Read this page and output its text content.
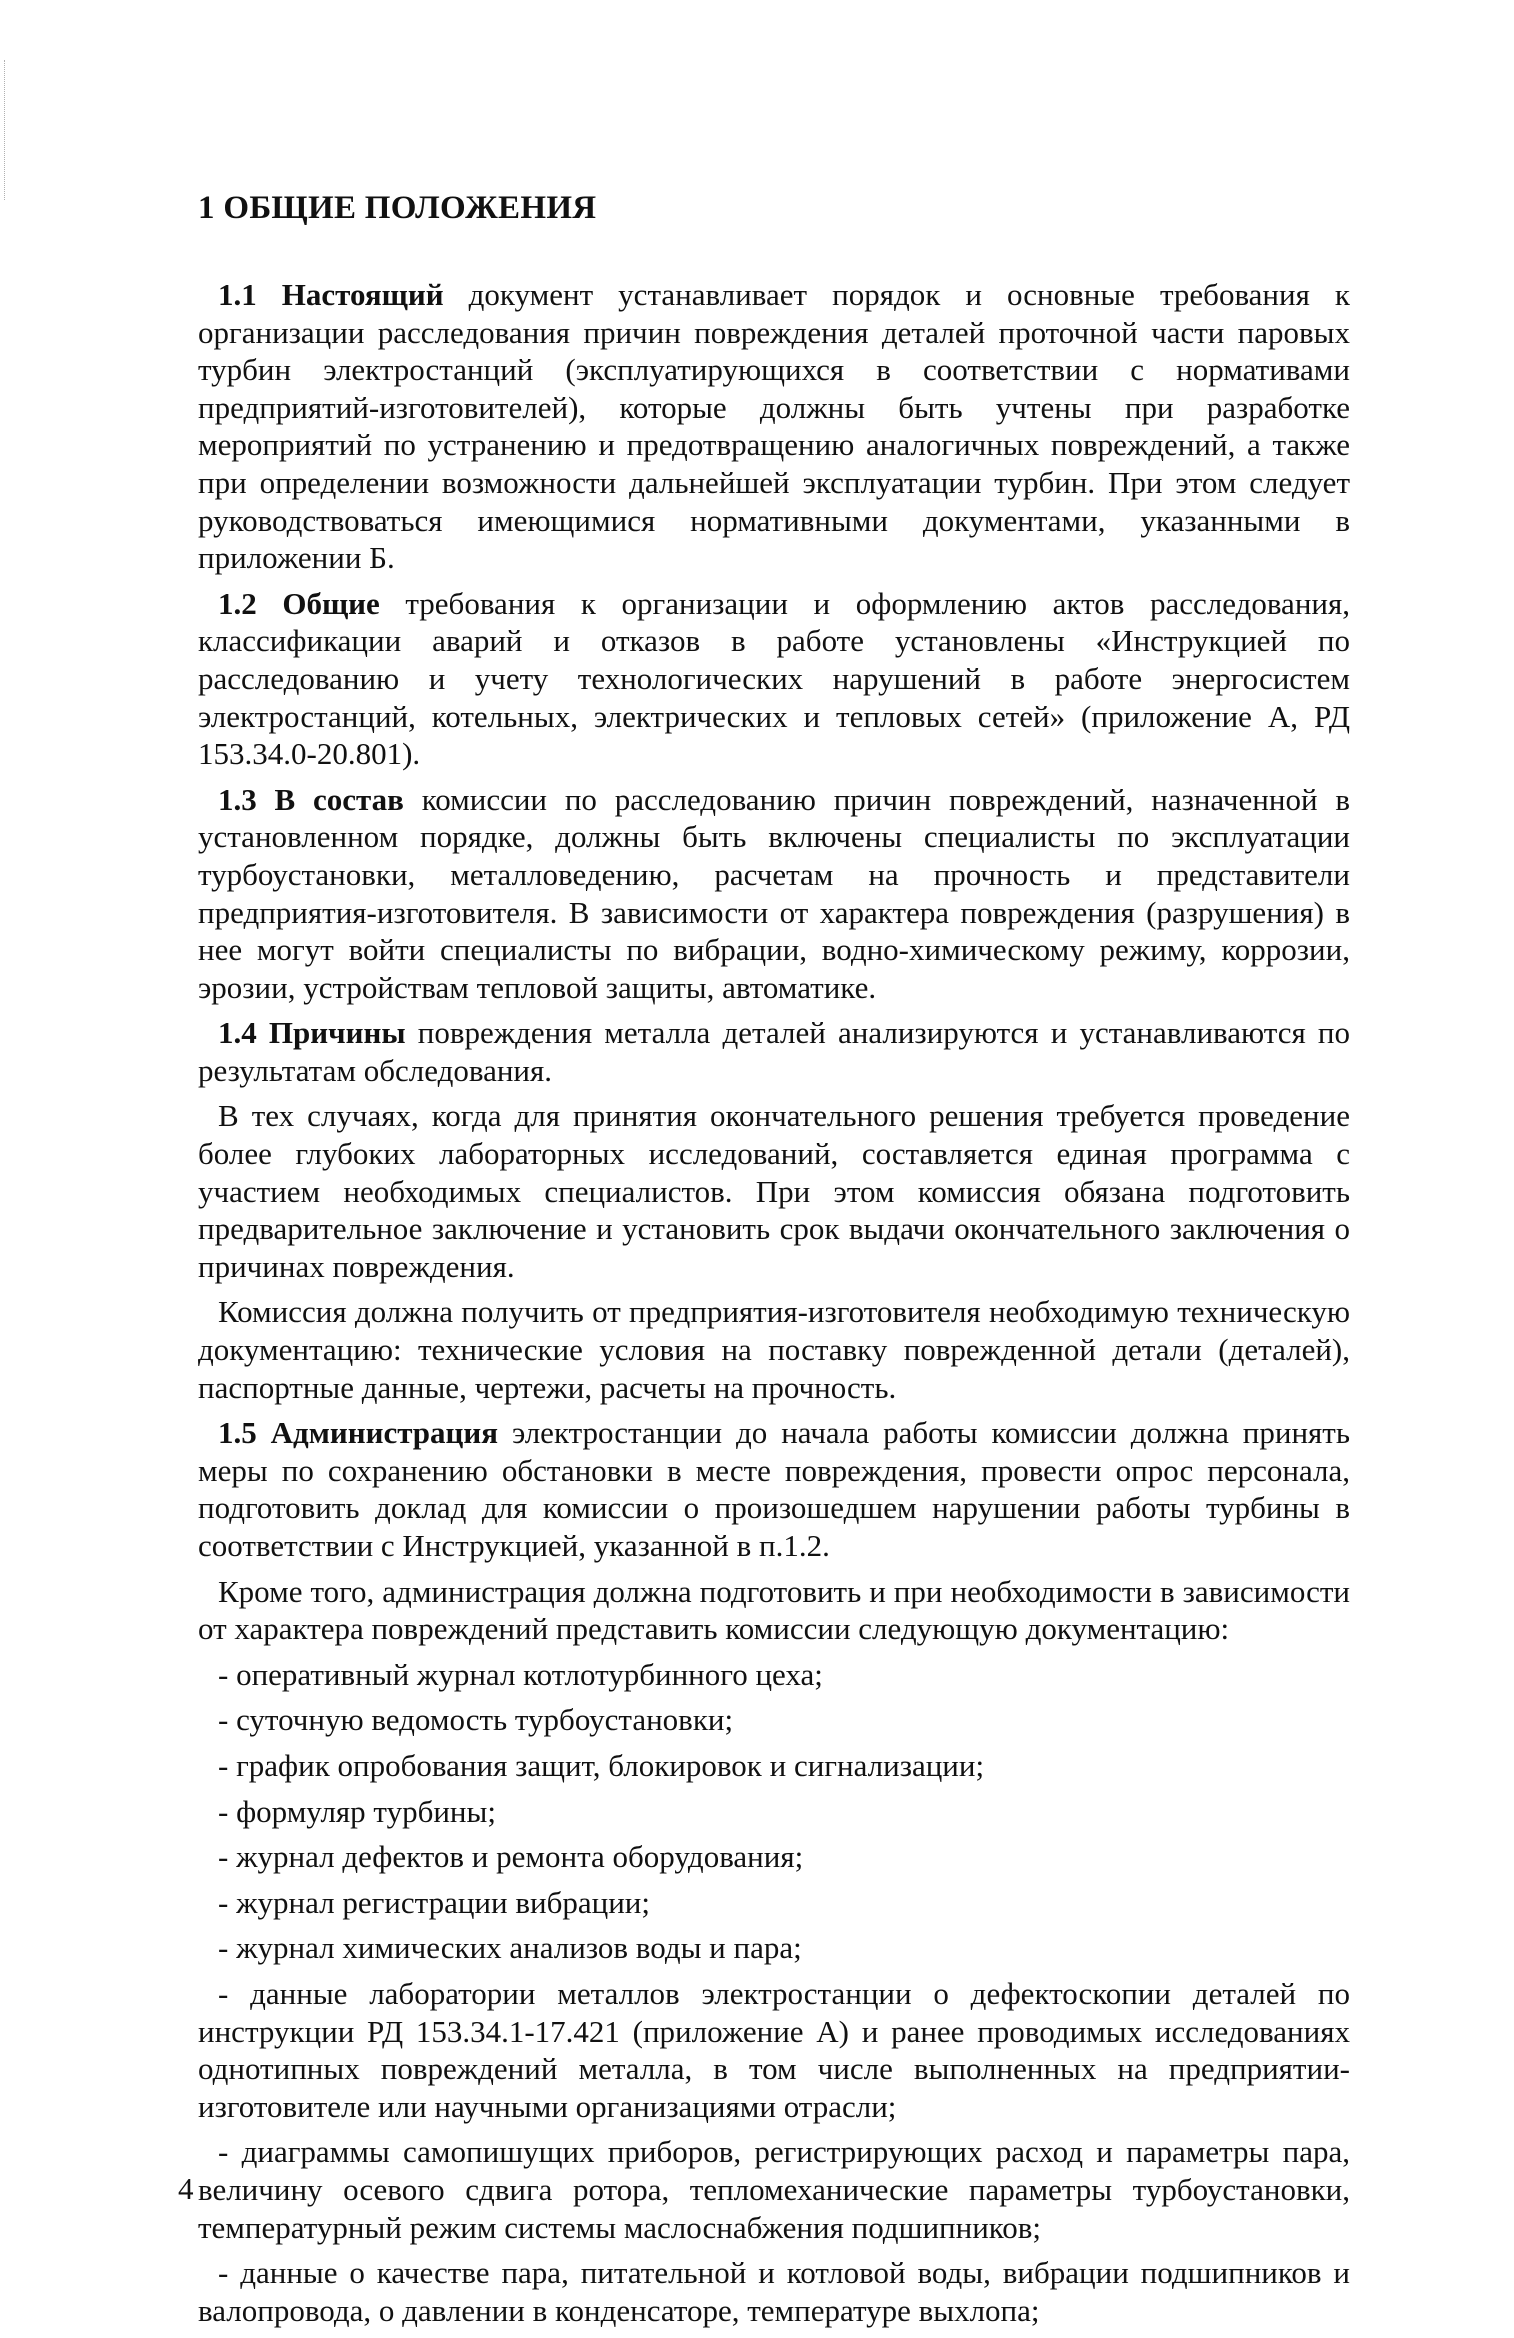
1 ОБЩИЕ ПОЛОЖЕНИЯ

1.1 Настоящий документ устанавливает порядок и основные требования к организации расследования причин повреждения деталей проточной части паровых турбин электростанций (эксплуатирующихся в соответствии с нормативами предприятий-изготовителей), которые должны быть учтены при разработке мероприятий по устранению и предотвращению аналогичных повреждений, а также при определении возможности дальнейшей эксплуатации турбин. При этом следует руководствоваться имеющимися нормативными документами, указанными в приложении Б.

1.2 Общие требования к организации и оформлению актов расследования, классификации аварий и отказов в работе установлены «Инструкцией по расследованию и учету технологических нарушений в работе энергосистем электростанций, котельных, электрических и тепловых сетей» (приложение А, РД 153.34.0-20.801).

1.3 В состав комиссии по расследованию причин повреждений, назначенной в установленном порядке, должны быть включены специалисты по эксплуатации турбоустановки, металловедению, расчетам на прочность и представители предприятия-изготовителя. В зависимости от характера повреждения (разрушения) в нее могут войти специалисты по вибрации, водно-химическому режиму, коррозии, эрозии, устройствам тепловой защиты, автоматике.

1.4 Причины повреждения металла деталей анализируются и устанавливаются по результатам обследования.

В тех случаях, когда для принятия окончательного решения требуется проведение более глубоких лабораторных исследований, составляется единая программа с участием необходимых специалистов. При этом комиссия обязана подготовить предварительное заключение и установить срок выдачи окончательного заключения о причинах повреждения.

Комиссия должна получить от предприятия-изготовителя необходимую техническую документацию: технические условия на поставку поврежденной детали (деталей), паспортные данные, чертежи, расчеты на прочность.

1.5 Администрация электростанции до начала работы комиссии должна принять меры по сохранению обстановки в месте повреждения, провести опрос персонала, подготовить доклад для комиссии о произошедшем нарушении работы турбины в соответствии с Инструкцией, указанной в п.1.2.

Кроме того, администрация должна подготовить и при необходимости в зависимости от характера повреждений представить комиссии следующую документацию:

- оперативный журнал котлотурбинного цеха;
- суточную ведомость турбоустановки;
- график опробования защит, блокировок и сигнализации;
- формуляр турбины;
- журнал дефектов и ремонта оборудования;
- журнал регистрации вибрации;
- журнал химических анализов воды и пара;
- данные лаборатории металлов электростанции о дефектоскопии деталей по инструкции РД 153.34.1-17.421 (приложение А) и ранее проводимых исследованиях однотипных повреждений металла, в том числе выполненных на предприятии-изготовителе или научными организациями отрасли;
- диаграммы самопишущих приборов, регистрирующих расход и параметры пара, величину осевого сдвига ротора, тепломеханические параметры турбоустановки, температурный режим системы маслоснабжения подшипников;
- данные о качестве пара, питательной и котловой воды, вибрации подшипников и валопровода, о давлении в конденсаторе, температуре выхлопа;
4
